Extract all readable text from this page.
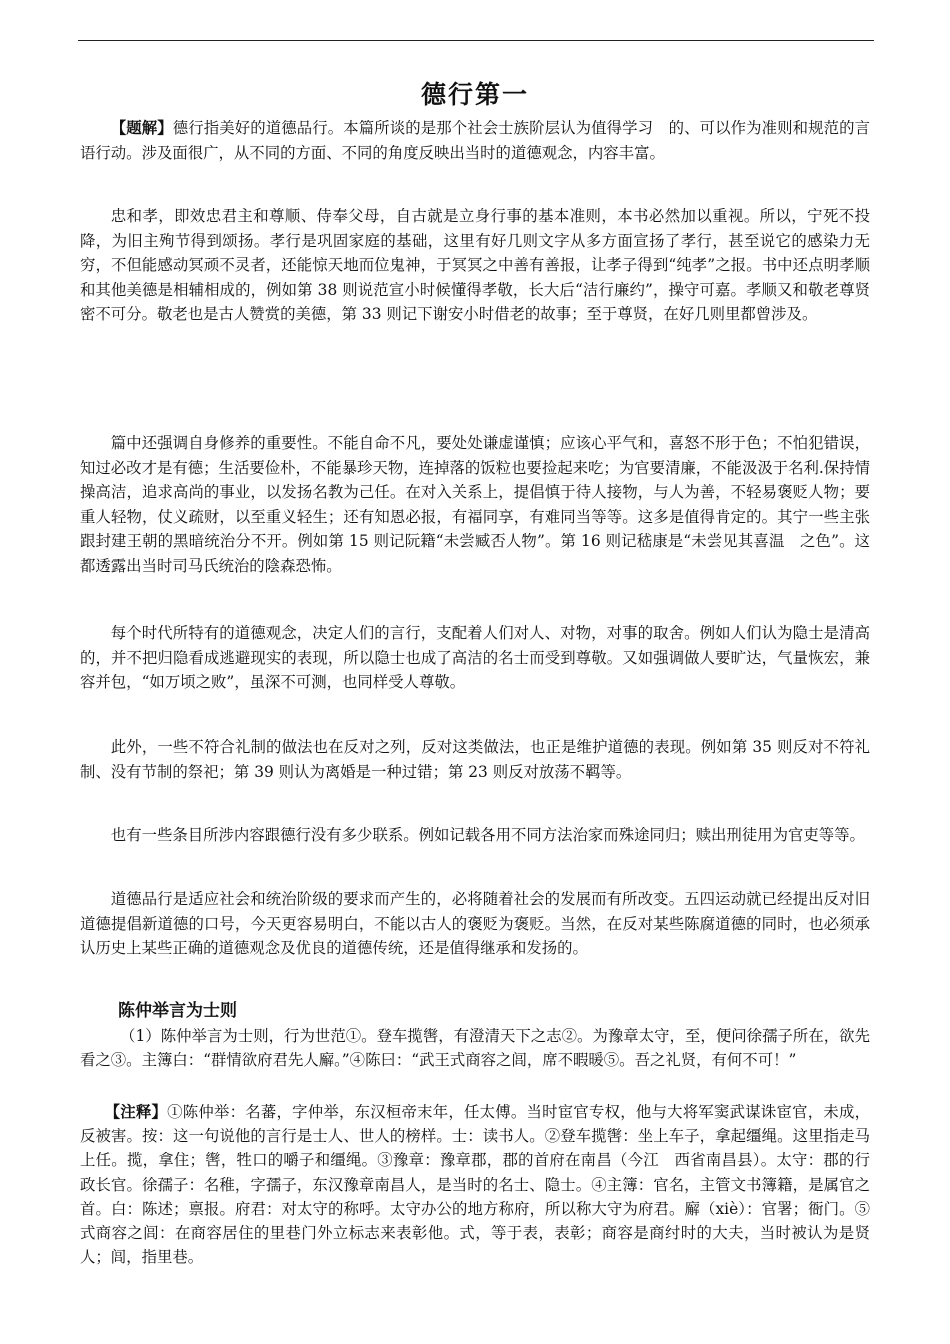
德行第一

【题解】德行指美好的道德品行。本篇所谈的是那个社会士族阶层认为值得学习　的、可以作为准则和规范的言语行动。涉及面很广，从不同的方面、不同的角度反映出当时的道德观念，内容丰富。

忠和孝，即效忠君主和尊顺、侍奉父母，自古就是立身行事的基本准则，本书必然加以重视。所以，宁死不投降，为旧主殉节得到颂扬。孝行是巩固家庭的基础，这里有好几则文字从多方面宣扬了孝行，甚至说它的感染力无穷，不但能感动冥顽不灵者，还能惊天地而位鬼神，于冥冥之中善有善报，让孝子得到“纯孝”之报。书中还点明孝顺和其他美德是相辅相成的，例如第 38 则说范宣小时候懂得孝敬，长大后“洁行廉约”，操守可嘉。孝顺又和敬老尊贤密不可分。敬老也是古人赞赏的美德，第 33 则记下谢安小时借老的故事；至于尊贤，在好几则里都曾涉及。

篇中还强调自身修养的重要性。不能自命不凡，要处处谦虚谨慎；应该心平气和，喜怒不形于色；不怕犯错误，知过必改才是有德；生活要俭朴，不能暴珍天物，连掉落的饭粒也要捡起来吃；为官要清廉，不能汲汲于名利.保持情操高洁，追求高尚的事业，以发扬名教为己任。在对入关系上，提倡慎于待人接物，与人为善，不轻易褒贬人物；要重人轻物，仗义疏财，以至重义轻生；还有知恩必报，有福同享，有难同当等等。这多是值得肯定的。其宁一些主张跟封建王朝的黑暗统治分不开。例如第 15 则记阮籍“未尝臧否人物”。第 16 则记嵇康是“未尝见其喜温　之色”。这都透露出当时司马氏统治的陰森恐怖。

每个时代所特有的道德观念，决定人们的言行，支配着人们对人、对物，对事的取舍。例如人们认为隐士是清高的，并不把归隐看成逃避现实的表现，所以隐士也成了高洁的名士而受到尊敬。又如强调做人要旷达，气量恢宏，兼容并包，“如万顷之败”，虽深不可测，也同样受人尊敬。

此外，一些不符合礼制的做法也在反对之列，反对这类做法，也正是维护道德的表现。例如第 35 则反对不符礼制、没有节制的祭祀；第 39 则认为离婚是一种过错；第 23 则反对放荡不羁等。

也有一些条目所涉内容跟德行没有多少联系。例如记载各用不同方法治家而殊途同归；赎出刑徒用为官吏等等。

道德品行是适应社会和统治阶级的要求而产生的，必将随着社会的发展而有所改变。五四运动就已经提出反对旧道德提倡新道德的口号，今天更容易明白，不能以古人的褒贬为褒贬。当然，在反对某些陈腐道德的同时，也必须承认历史上某些正确的道德观念及优良的道德传统，还是值得继承和发扬的。

陈仲举言为士则

（1）陈仲举言为士则，行为世范①。登车揽辔，有澄清天下之志②。为豫章太守，至，便问徐孺子所在，欲先看之③。主簿白：“群情欲府君先人廨。”④陈曰：“武王式商容之闾，席不暇暖⑤。吾之礼贤，有何不可！”

【注释】①陈仲举：名蕃，字仲举，东汉桓帝末年，任太傅。当时宦官专权，他与大将军窦武谋诛宦官，未成，反被害。按：这一句说他的言行是士人、世人的榜样。士：读书人。②登车揽辔：坐上车子，拿起缰绳。这里指走马上任。揽，拿住；辔，牲口的嚼子和缰绳。③豫章：豫章郡，郡的首府在南昌（今江　西省南昌县）。太守：郡的行政长官。徐孺子：名稚，字孺子，东汉豫章南昌人，是当时的名士、隐士。④主簿：官名，主管文书簿籍，是属官之首。白：陈述；禀报。府君：对太守的称呼。太守办公的地方称府，所以称大守为府君。廨（xiè）：官署；衙门。⑤式商容之闾：在商容居住的里巷门外立标志来表彰他。式，等于表，表彰；商容是商纣时的大夫，当时被认为是贤人；闾，指里巷。
